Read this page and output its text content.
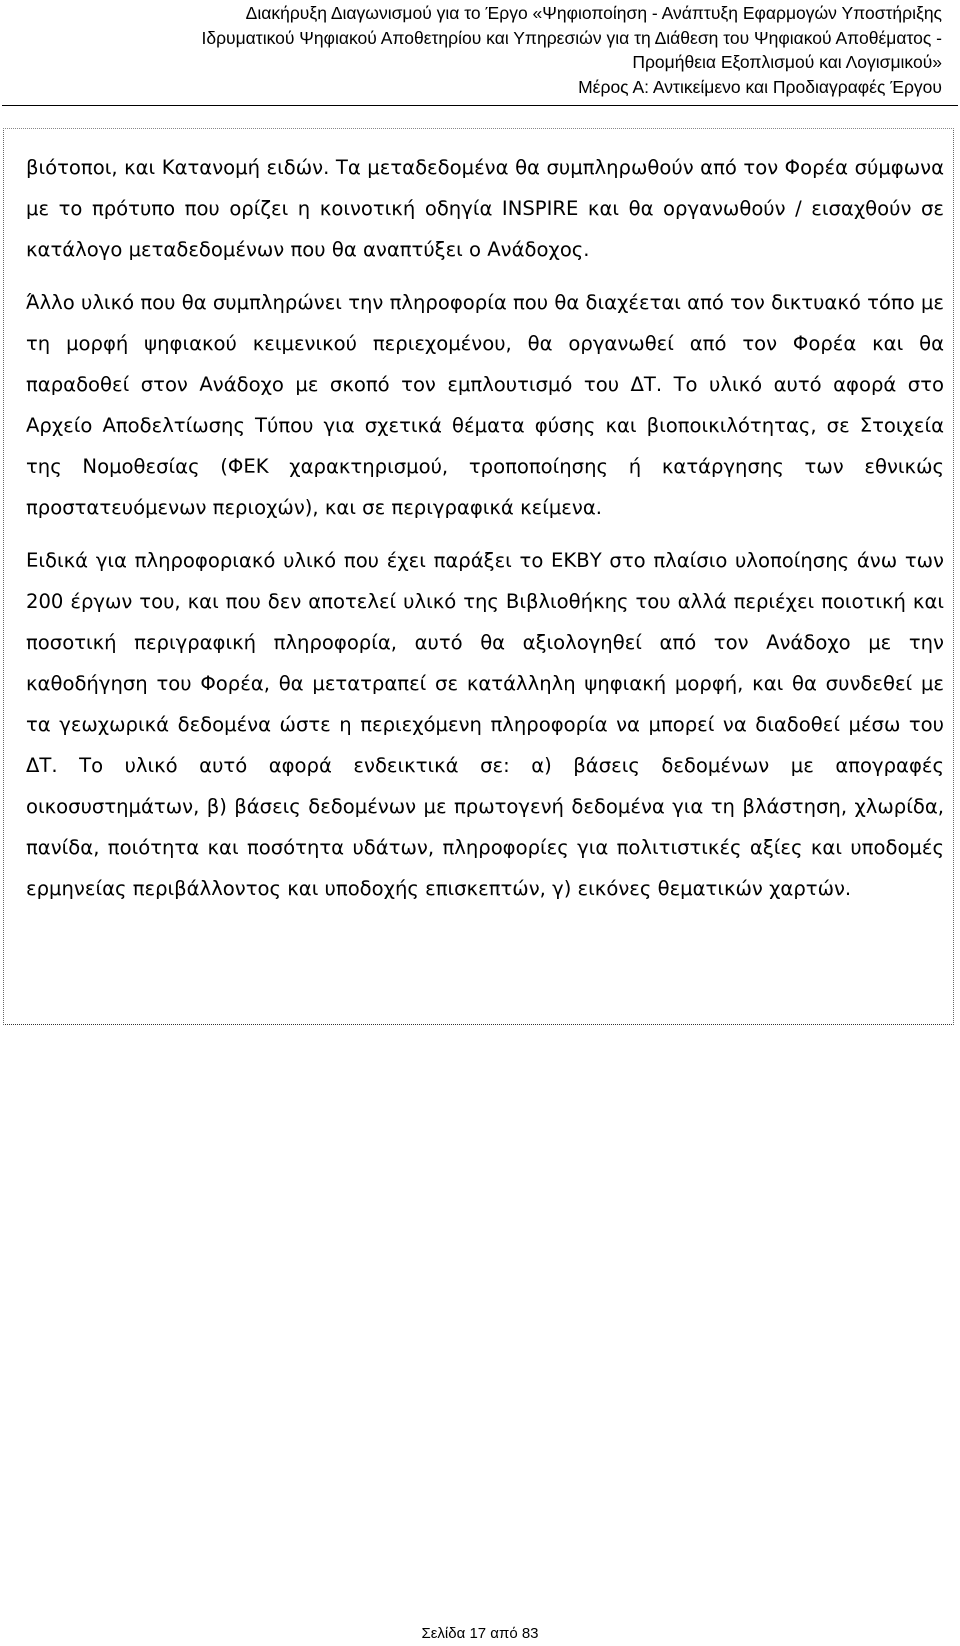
Διακήρυξη Διαγωνισμού για το Έργο «Ψηφιοποίηση - Ανάπτυξη Εφαρμογών Υποστήριξης
Ιδρυματικού Ψηφιακού Αποθετηρίου και Υπηρεσιών για τη Διάθεση του Ψηφιακού Αποθέματος -
Προμήθεια Εξοπλισμού και Λογισμικού»
Μέρος Α: Αντικείμενο και Προδιαγραφές Έργου

βιότοποι, και Κατανομή ειδών. Τα μεταδεδομένα θα συμπληρωθούν από τον Φορέα σύμφωνα με το πρότυπο που ορίζει η κοινοτική οδηγία INSPIRE και θα οργανωθούν / εισαχθούν σε κατάλογο μεταδεδομένων που θα αναπτύξει ο Ανάδοχος.

Άλλο υλικό που θα συμπληρώνει την πληροφορία που θα διαχέεται από τον δικτυακό τόπο με τη μορφή ψηφιακού κειμενικού περιεχομένου, θα οργανωθεί από τον Φορέα και θα παραδοθεί στον Ανάδοχο με σκοπό τον εμπλουτισμό του ΔΤ. Το υλικό αυτό αφορά στο Αρχείο Αποδελτίωσης Τύπου για σχετικά θέματα φύσης και βιοποικιλότητας, σε Στοιχεία της Νομοθεσίας (ΦΕΚ χαρακτηρισμού, τροποποίησης ή κατάργησης των εθνικώς προστατευόμενων περιοχών), και σε περιγραφικά κείμενα.

Ειδικά για πληροφοριακό υλικό που έχει παράξει το ΕΚΒΥ στο πλαίσιο υλοποίησης άνω των 200 έργων του, και που δεν αποτελεί υλικό της Βιβλιοθήκης του αλλά περιέχει ποιοτική και ποσοτική περιγραφική πληροφορία, αυτό θα αξιολογηθεί από τον Ανάδοχο με την καθοδήγηση του Φορέα, θα μετατραπεί σε κατάλληλη ψηφιακή μορφή, και θα συνδεθεί με τα γεωχωρικά δεδομένα ώστε η περιεχόμενη πληροφορία να μπορεί να διαδοθεί μέσω του ΔΤ. Το υλικό αυτό αφορά ενδεικτικά σε: α) βάσεις δεδομένων με απογραφές οικοσυστημάτων, β) βάσεις δεδομένων με πρωτογενή δεδομένα για τη βλάστηση, χλωρίδα, πανίδα, ποιότητα και ποσότητα υδάτων, πληροφορίες για πολιτιστικές αξίες και υποδομές ερμηνείας περιβάλλοντος και υποδοχής επισκεπτών, γ) εικόνες θεματικών χαρτών.

Σελίδα 17 από 83
